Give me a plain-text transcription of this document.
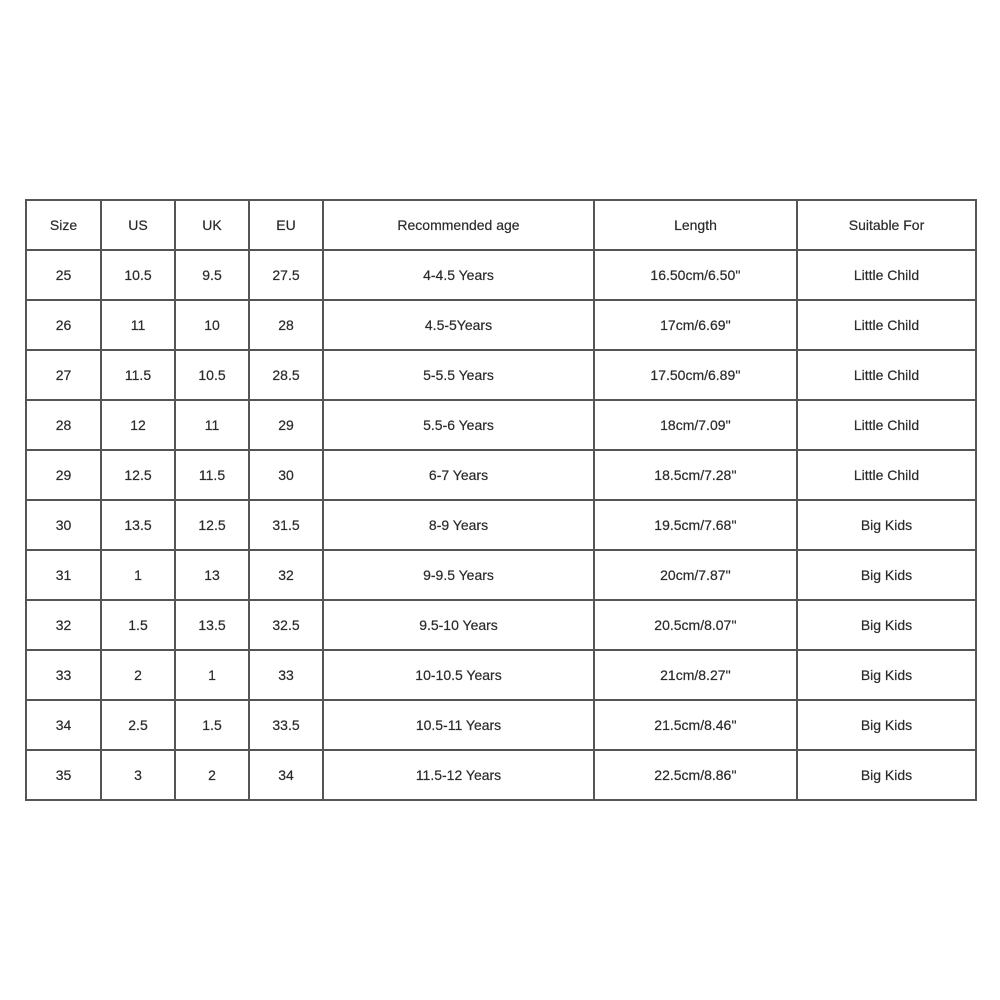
Size	US	UK	EU	Recommended age	Length	Suitable For
25	10.5	9.5	27.5	4-4.5 Years	16.50cm/6.50''	Little Child
26	11	10	28	4.5-5Years	17cm/6.69''	Little Child
27	11.5	10.5	28.5	5-5.5 Years	17.50cm/6.89''	Little Child
28	12	11	29	5.5-6 Years	18cm/7.09''	Little Child
29	12.5	11.5	30	6-7 Years	18.5cm/7.28''	Little Child
30	13.5	12.5	31.5	8-9 Years	19.5cm/7.68''	Big Kids
31	1	13	32	9-9.5 Years	20cm/7.87''	Big Kids
32	1.5	13.5	32.5	9.5-10 Years	20.5cm/8.07''	Big Kids
33	2	1	33	10-10.5 Years	21cm/8.27''	Big Kids
34	2.5	1.5	33.5	10.5-11 Years	21.5cm/8.46''	Big Kids
35	3	2	34	11.5-12 Years	22.5cm/8.86''	Big Kids
